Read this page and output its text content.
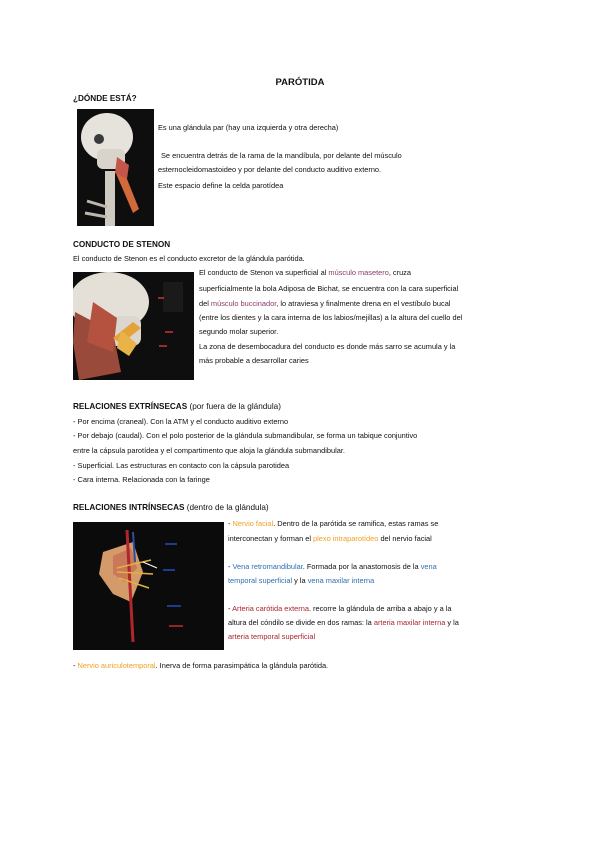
PARÓTIDA
¿DÓNDE ESTÁ?
Es una glándula par (hay una izquierda y otra derecha)
Se encuentra detrás de la rama de la mandíbula, por delante del músculo
esternocleidomastoideo y por delante del conducto auditivo externo.
Este espacio define la celda parotídea
CONDUCTO DE STENON
El conducto de Stenon es el conducto excretor de la glándula parótida.
El conducto de Stenon va superficial al músculo masetero, cruza
superficialmente la bola Adiposa de Bichat, se encuentra con la cara superficial
del músculo buccinador, lo atraviesa y finalmente drena en el vestíbulo bucal
(entre los dientes y la cara interna de los labios/mejillas) a la altura del cuello del
segundo molar superior.
La zona de desembocadura del conducto es donde más sarro se acumula y la
más probable a desarrollar caries
RELACIONES EXTRÍNSECAS (por fuera de la glándula)
- Por encima (craneal). Con la ATM y el conducto auditivo externo
- Por debajo (caudal). Con el polo posterior de la glándula submandibular, se forma un tabique conjuntivo
entre la cápsula parotídea y el compartimento que aloja la glándula submandibular.
- Superficial. Las estructuras en contacto con la cápsula parotidea
- Cara interna. Relacionada con la faringe
RELACIONES INTRÍNSECAS (dentro de la glándula)
- Nervio facial. Dentro de la parótida se ramifica, estas ramas se
interconectan y forman el plexo intraparotídeo del nervio facial
- Vena retromandibular. Formada por la anastomosis de la vena
temporal superficial y la vena maxilar interna
- Arteria carótida externa. recorre la glándula de arriba a abajo y a la
altura del cóndilo se divide en dos ramas: la arteria maxilar interna y la
arteria temporal superficial
- Nervio auriculotemporal. Inerva de forma parasimpática la glándula parótida.
